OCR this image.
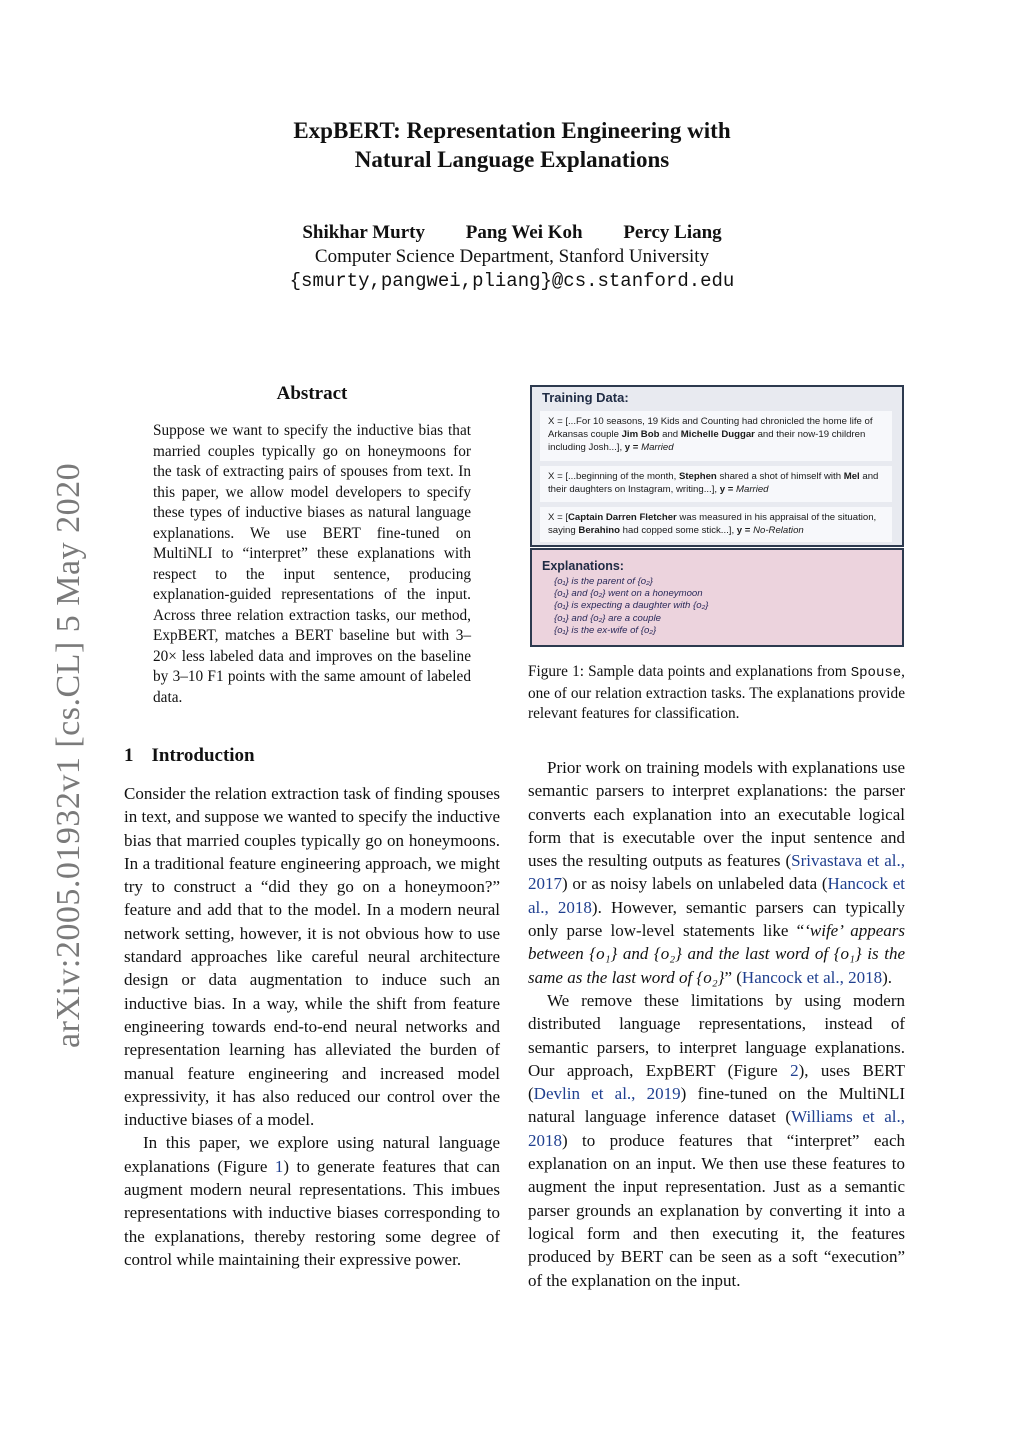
arXiv:2005.01932v1 [cs.CL] 5 May 2020
ExpBERT: Representation Engineering with
Natural Language Explanations
Shikhar Murty Pang Wei Koh Percy Liang
Computer Science Department, Stanford University
{smurty,pangwei,pliang}@cs.stanford.edu
Abstract
Suppose we want to specify the inductive bias that married couples typically go on honeymoons for the task of extracting pairs of spouses from text. In this paper, we allow model developers to specify these types of inductive biases as natural language explanations. We use BERT fine-tuned on MultiNLI to “interpret” these explanations with respect to the input sentence, producing explanation-guided representations of the input. Across three relation extraction tasks, our method, ExpBERT, matches a BERT baseline but with 3–20× less labeled data and improves on the baseline by 3–10 F1 points with the same amount of labeled data.
1 Introduction

Consider the relation extraction task of finding spouses in text, and suppose we wanted to specify the inductive bias that married couples typically go on honeymoons. In a traditional feature engineering approach, we might try to construct a “did they go on a honeymoon?” feature and add that to the model. In a modern neural network setting, however, it is not obvious how to use standard approaches like careful neural architecture design or data augmentation to induce such an inductive bias. In a way, while the shift from feature engineering towards end-to-end neural networks and representation learning has alleviated the burden of manual feature engineering and increased model expressivity, it has also reduced our control over the inductive biases of a model.

In this paper, we explore using natural language explanations (Figure 1) to generate features that can augment modern neural representations. This imbues representations with inductive biases corresponding to the explanations, thereby restoring some degree of control while maintaining their expressive power.

Training Data:
X = [...For 10 seasons, 19 Kids and Counting had chronicled the home life of Arkansas couple Jim Bob and Michelle Duggar and their now-19 children including Josh...], y = Married
X = [...beginning of the month, Stephen shared a shot of himself with Mel and their daughters on Instagram, writing...], y = Married
X = [Captain Darren Fletcher was measured in his appraisal of the situation, saying Berahino had copped some stick...], y = No-Relation
Explanations:
{o₁} is the parent of {o₂}
{o₁} and {o₂} went on a honeymoon
{o₁} is expecting a daughter with {o₂}
{o₁} and {o₂} are a couple
{o₁} is the ex-wife of {o₂}
Figure 1: Sample data points and explanations from Spouse, one of our relation extraction tasks. The explanations provide relevant features for classification.

Prior work on training models with explanations use semantic parsers to interpret explanations: the parser converts each explanation into an executable logical form that is executable over the input sentence and uses the resulting outputs as features (Srivastava et al., 2017) or as noisy labels on unlabeled data (Hancock et al., 2018). However, semantic parsers can typically only parse low-level statements like “‘wife’ appears between {o₁} and {o₂} and the last word of {o₁} is the same as the last word of {o₂}” (Hancock et al., 2018).

We remove these limitations by using modern distributed language representations, instead of semantic parsers, to interpret language explanations. Our approach, ExpBERT (Figure 2), uses BERT (Devlin et al., 2019) fine-tuned on the MultiNLI natural language inference dataset (Williams et al., 2018) to produce features that “interpret” each explanation on an input. We then use these features to augment the input representation. Just as a semantic parser grounds an explanation by converting it into a logical form and then executing it, the features produced by BERT can be seen as a soft “execution” of the explanation on the input.
